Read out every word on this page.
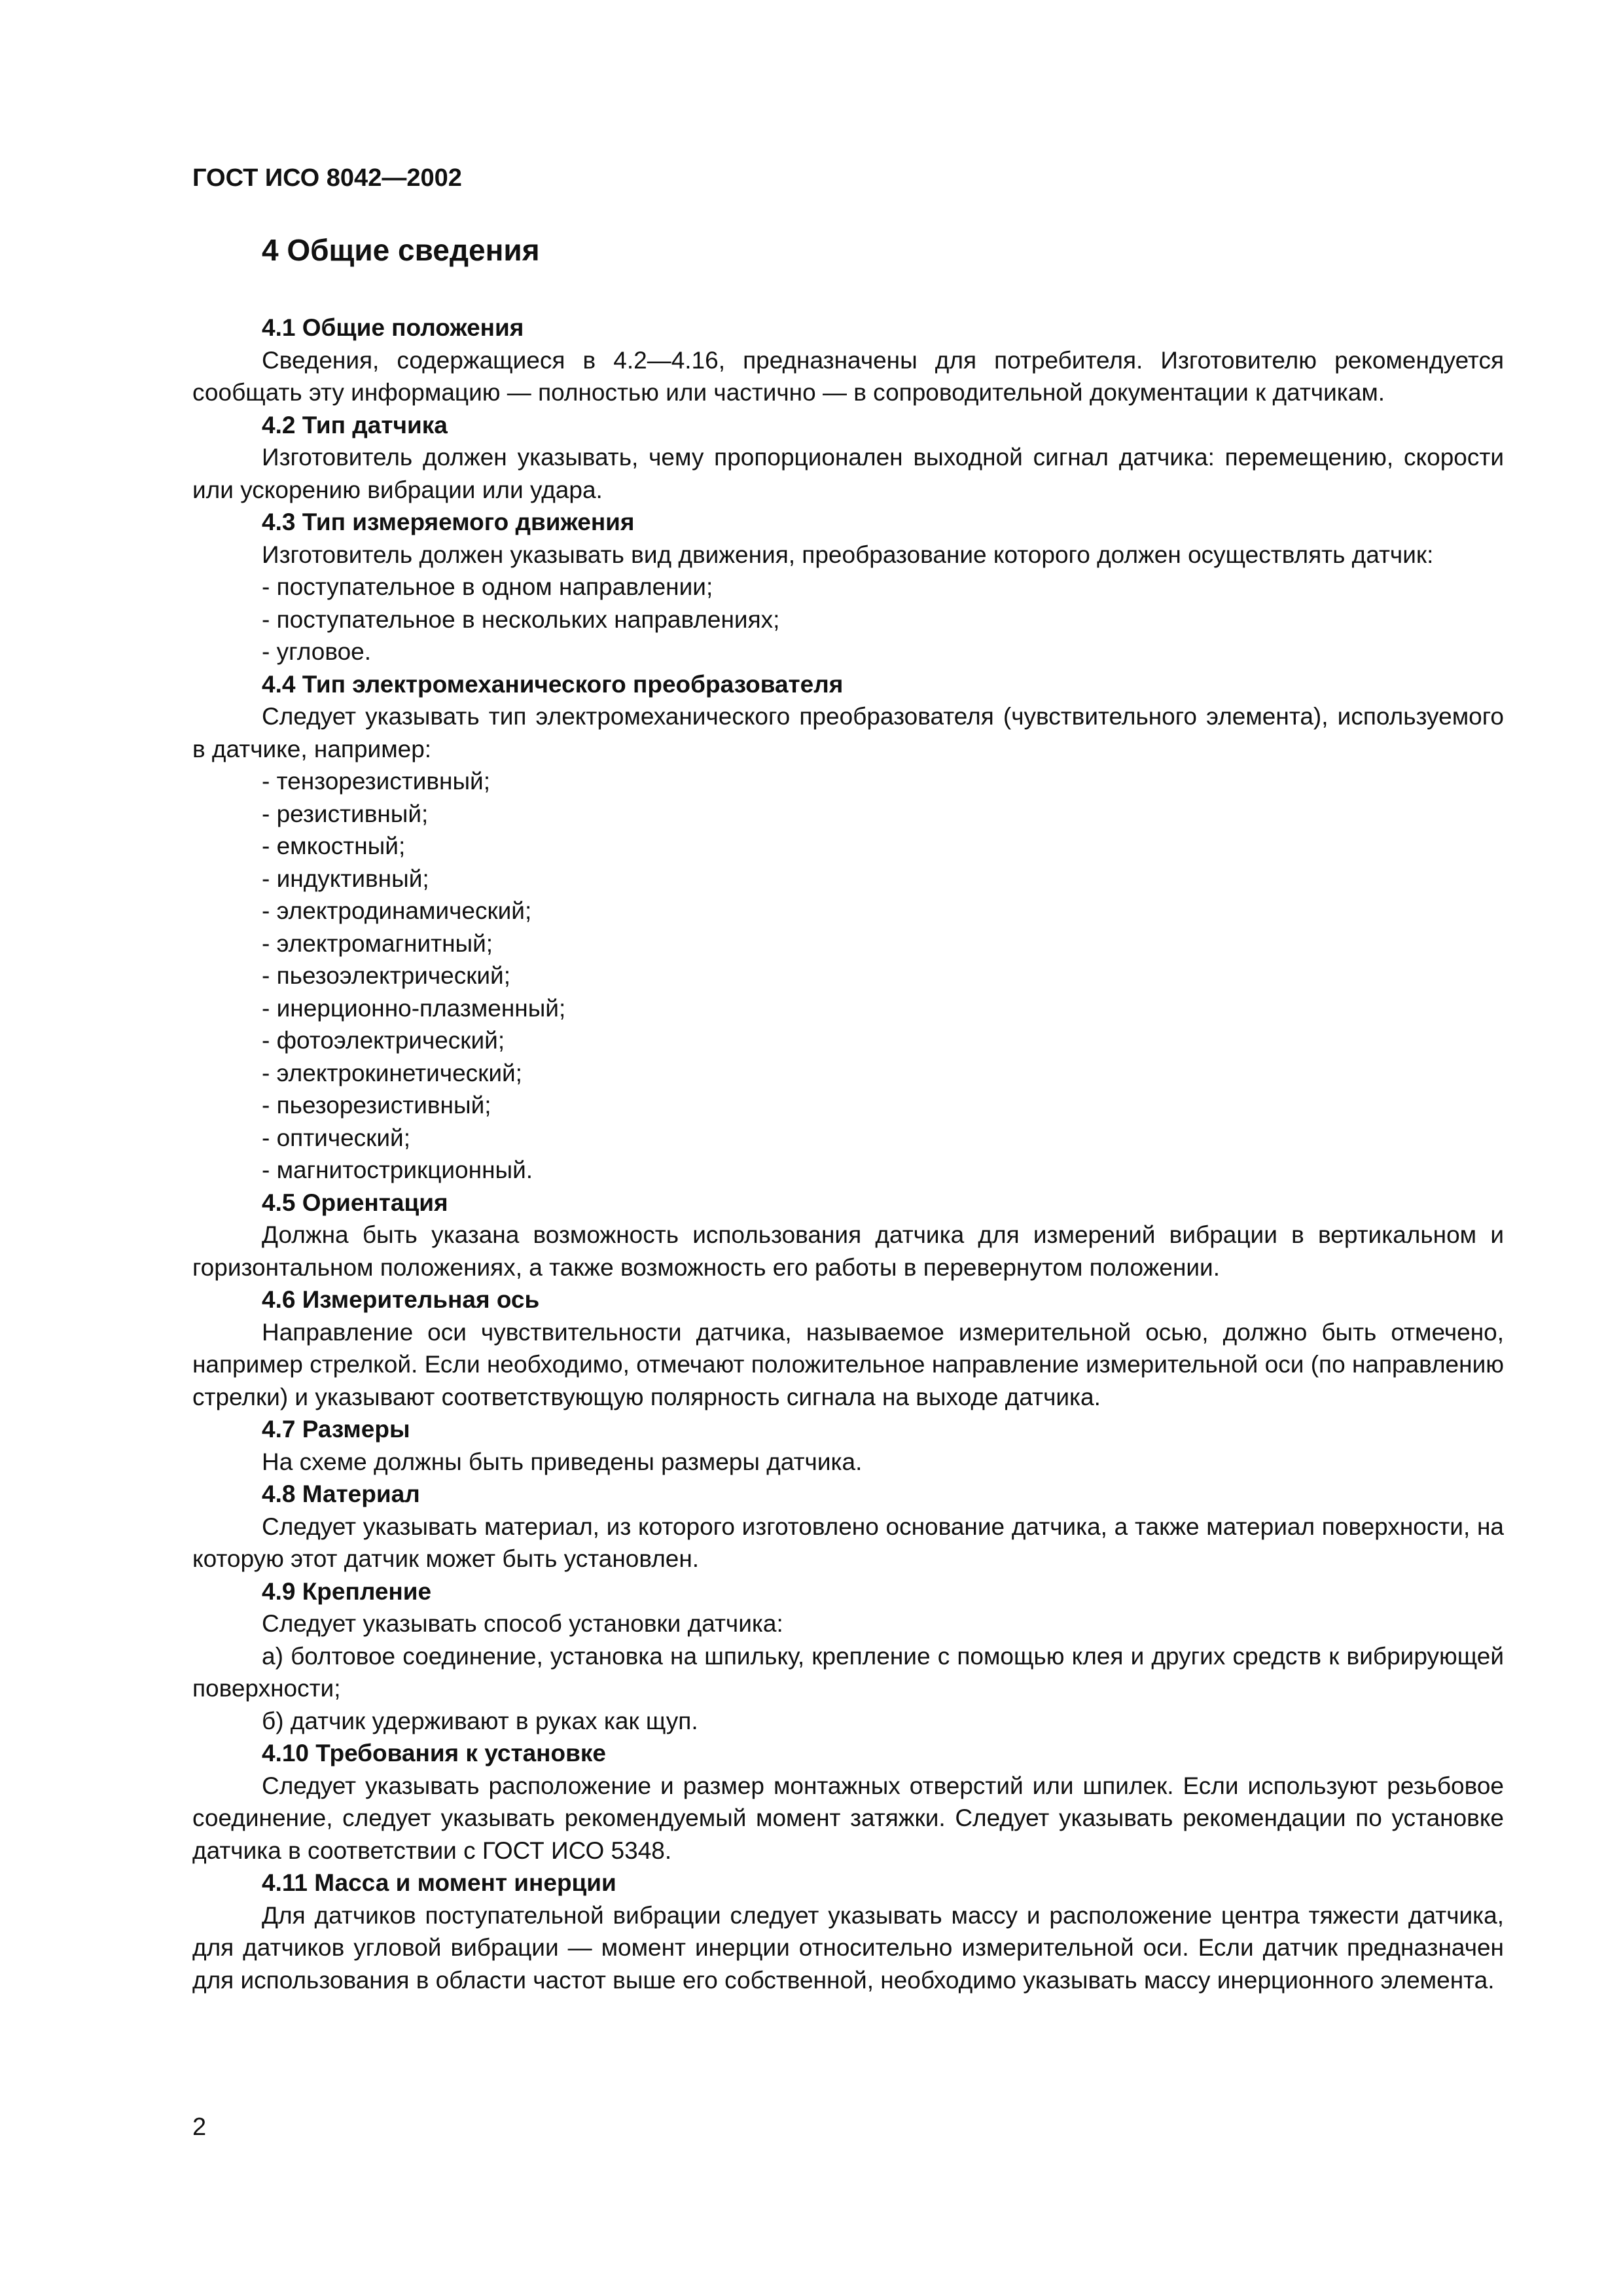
ГОСТ ИСО 8042—2002
4 Общие сведения
4.1 Общие положения

Сведения, содержащиеся в 4.2—4.16, предназначены для потребителя. Изготовителю рекомендуется сообщать эту информацию — полностью или частично — в сопроводительной документации к датчикам.

4.2 Тип датчика

Изготовитель должен указывать, чему пропорционален выходной сигнал датчика: перемещению, скорости или ускорению вибрации или удара.

4.3 Тип измеряемого движения

Изготовитель должен указывать вид движения, преобразование которого должен осуществлять датчик:

- поступательное в одном направлении;
- поступательное в нескольких направлениях;
- угловое.
4.4 Тип электромеханического преобразователя

Следует указывать тип электромеханического преобразователя (чувствительного элемента), используемого в датчике, например:

- тензорезистивный;
- резистивный;
- емкостный;
- индуктивный;
- электродинамический;
- электромагнитный;
- пьезоэлектрический;
- инерционно-плазменный;
- фотоэлектрический;
- электрокинетический;
- пьезорезистивный;
- оптический;
- магнитострикционный.
4.5 Ориентация

Должна быть указана возможность использования датчика для измерений вибрации в вертикальном и горизонтальном положениях, а также возможность его работы в перевернутом положении.

4.6 Измерительная ось

Направление оси чувствительности датчика, называемое измерительной осью, должно быть отмечено, например стрелкой. Если необходимо, отмечают положительное направление измерительной оси (по направлению стрелки) и указывают соответствующую полярность сигнала на выходе датчика.

4.7 Размеры

На схеме должны быть приведены размеры датчика.

4.8 Материал

Следует указывать материал, из которого изготовлено основание датчика, а также материал поверхности, на которую этот датчик может быть установлен.

4.9 Крепление

Следует указывать способ установки датчика:

а) болтовое соединение, установка на шпильку, крепление с помощью клея и других средств к вибрирующей поверхности;

б) датчик удерживают в руках как щуп.

4.10 Требования к установке

Следует указывать расположение и размер монтажных отверстий или шпилек. Если используют резьбовое соединение, следует указывать рекомендуемый момент затяжки. Следует указывать рекомендации по установке датчика в соответствии с ГОСТ ИСО 5348.

4.11 Масса и момент инерции

Для датчиков поступательной вибрации следует указывать массу и расположение центра тяжести датчика, для датчиков угловой вибрации — момент инерции относительно измерительной оси. Если датчик предназначен для использования в области частот выше его собственной, необходимо указывать массу инерционного элемента.

2
